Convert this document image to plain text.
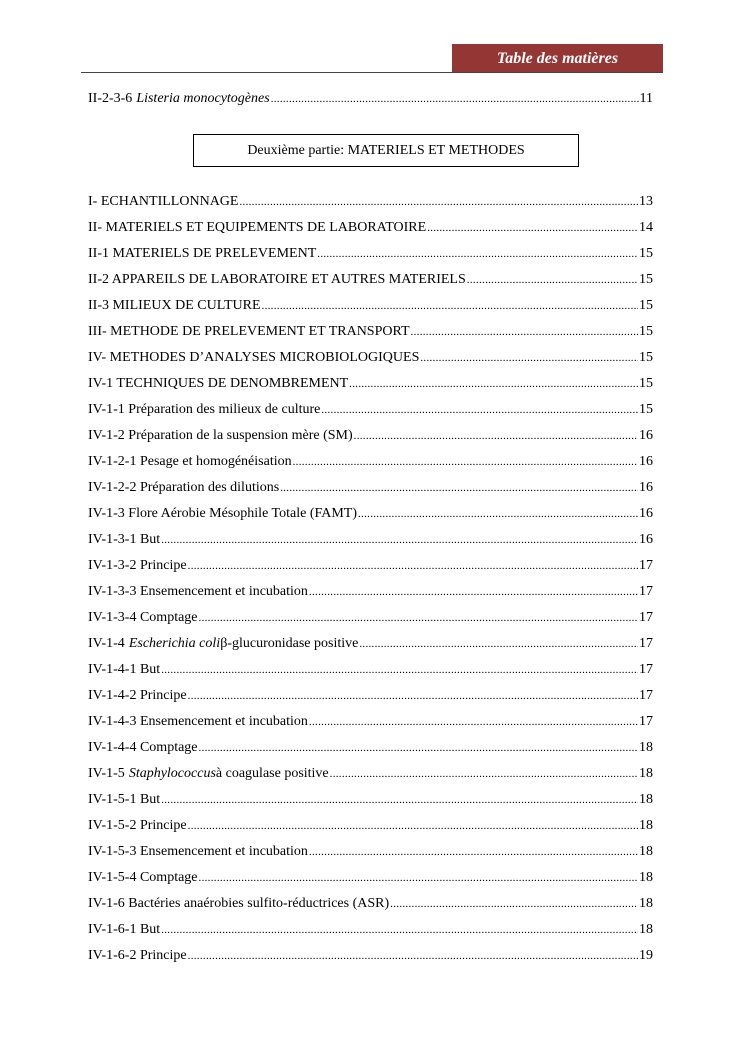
Table des matières
Deuxième partie: MATERIELS ET METHODES
II-2-3-6 Listeria monocytogènes .....	11
I- ECHANTILLONNAGE .....	13
II- MATERIELS ET EQUIPEMENTS DE LABORATOIRE .....	14
II-1 MATERIELS DE PRELEVEMENT .....	15
II-2 APPAREILS DE LABORATOIRE ET AUTRES MATERIELS .....	15
II-3 MILIEUX DE CULTURE .....	15
III- METHODE DE PRELEVEMENT ET TRANSPORT .....	15
IV- METHODES D’ANALYSES MICROBIOLOGIQUES .....	15
IV-1 TECHNIQUES DE DENOMBREMENT .....	15
IV-1-1 Préparation des milieux de culture .....	15
IV-1-2 Préparation de la suspension mère (SM) .....	16
IV-1-2-1 Pesage et homogénéisation .....	16
IV-1-2-2 Préparation des dilutions .....	16
IV-1-3 Flore Aérobie Mésophile Totale (FAMT) .....	16
IV-1-3-1 But .....	16
IV-1-3-2 Principe .....	17
IV-1-3-3 Ensemencement et incubation .....	17
IV-1-3-4 Comptage .....	17
IV-1-4 Escherichia coli β-glucuronidase positive .....	17
IV-1-4-1 But .....	17
IV-1-4-2 Principe .....	17
IV-1-4-3 Ensemencement et incubation .....	17
IV-1-4-4 Comptage .....	18
IV-1-5 Staphylococcus à coagulase positive .....	18
IV-1-5-1 But .....	18
IV-1-5-2 Principe .....	18
IV-1-5-3 Ensemencement et incubation .....	18
IV-1-5-4 Comptage .....	18
IV-1-6 Bactéries anaérobies sulfito-réductrices (ASR) .....	18
IV-1-6-1 But .....	18
IV-1-6-2 Principe .....	19
